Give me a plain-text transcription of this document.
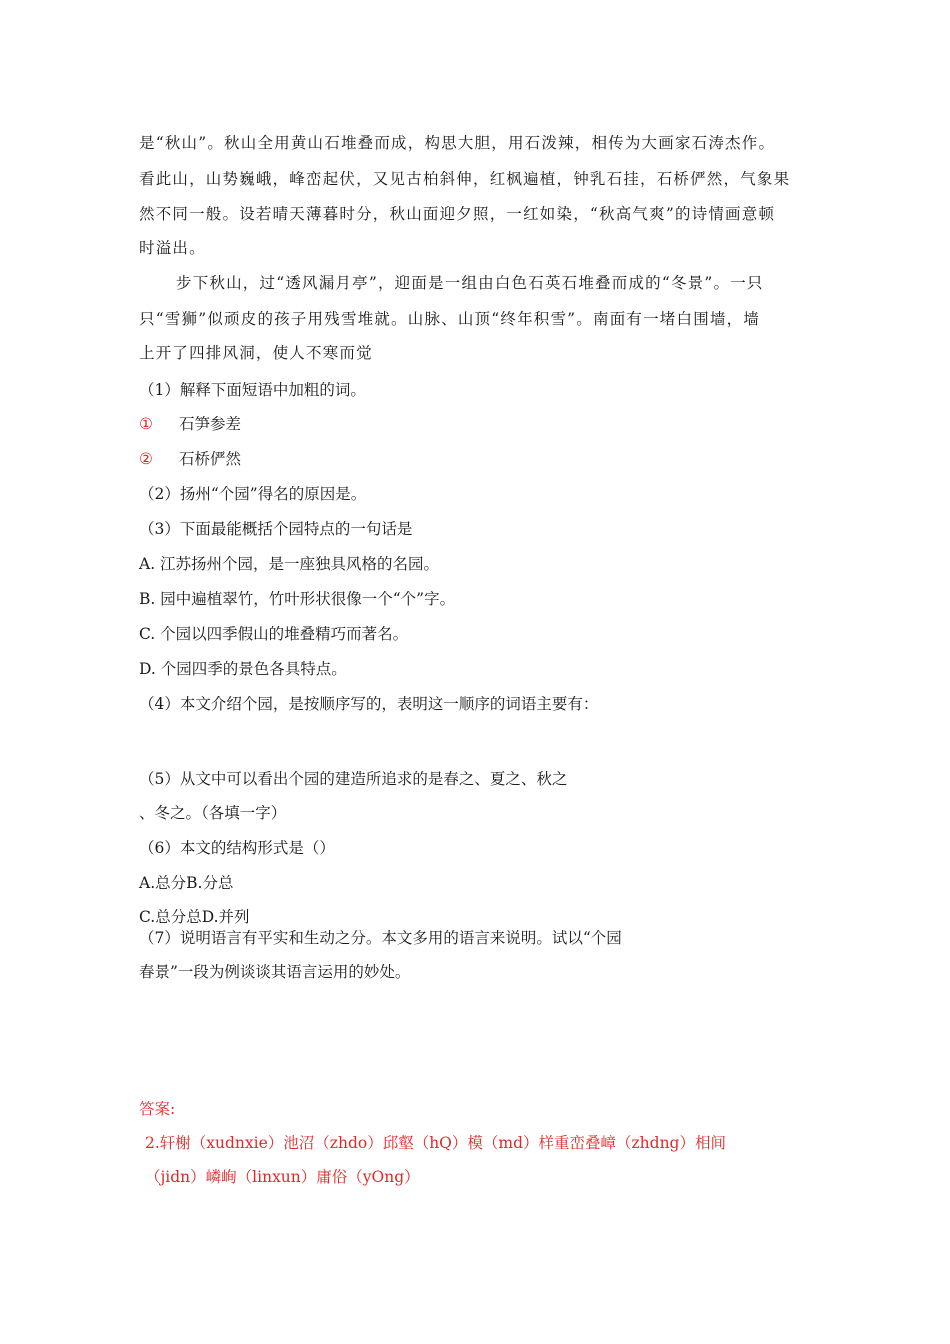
是“秋山”。秋山全用黄山石堆叠而成，构思大胆，用石泼辣，相传为大画家石涛杰作。

看此山，山势巍峨，峰峦起伏，又见古柏斜伸，红枫遍植，钟乳石挂，石桥俨然，气象果

然不同一般。设若晴天薄暮时分，秋山面迎夕照，一红如染，“秋高气爽”的诗情画意顿

时溢出。

步下秋山，过“透风漏月亭”，迎面是一组由白色石英石堆叠而成的“冬景”。一只

只“雪狮”似顽皮的孩子用残雪堆就。山脉、山顶“终年积雪”。南面有一堵白围墙，墙

上开了四排风洞，使人不寒而觉

（1）解释下面短语中加粗的词。

① 石笋参差

② 石桥俨然

（2）扬州“个园”得名的原因是。

（3）下面最能概括个园特点的一句话是

A. 江苏扬州个园，是一座独具风格的名园。

B. 园中遍植翠竹，竹叶形状很像一个“个”字。

C. 个园以四季假山的堆叠精巧而著名。

D. 个园四季的景色各具特点。

（4）本文介绍个园，是按顺序写的，表明这一顺序的词语主要有：

（5）从文中可以看出个园的建造所追求的是春之、夏之、秋之

、冬之。（各填一字）

（6）本文的结构形式是（）

A.总分B.分总

C.总分总D.并列

（7）说明语言有平实和生动之分。本文多用的语言来说明。试以“个园

春景”一段为例谈谈其语言运用的妙处。

答案:

2.轩榭（xudnxie）池沼（zhdo）邱壑（hQ）模（md）样重峦叠嶂（zhdng）相间

（jidn）嶙峋（linxun）庸俗（yOng）
